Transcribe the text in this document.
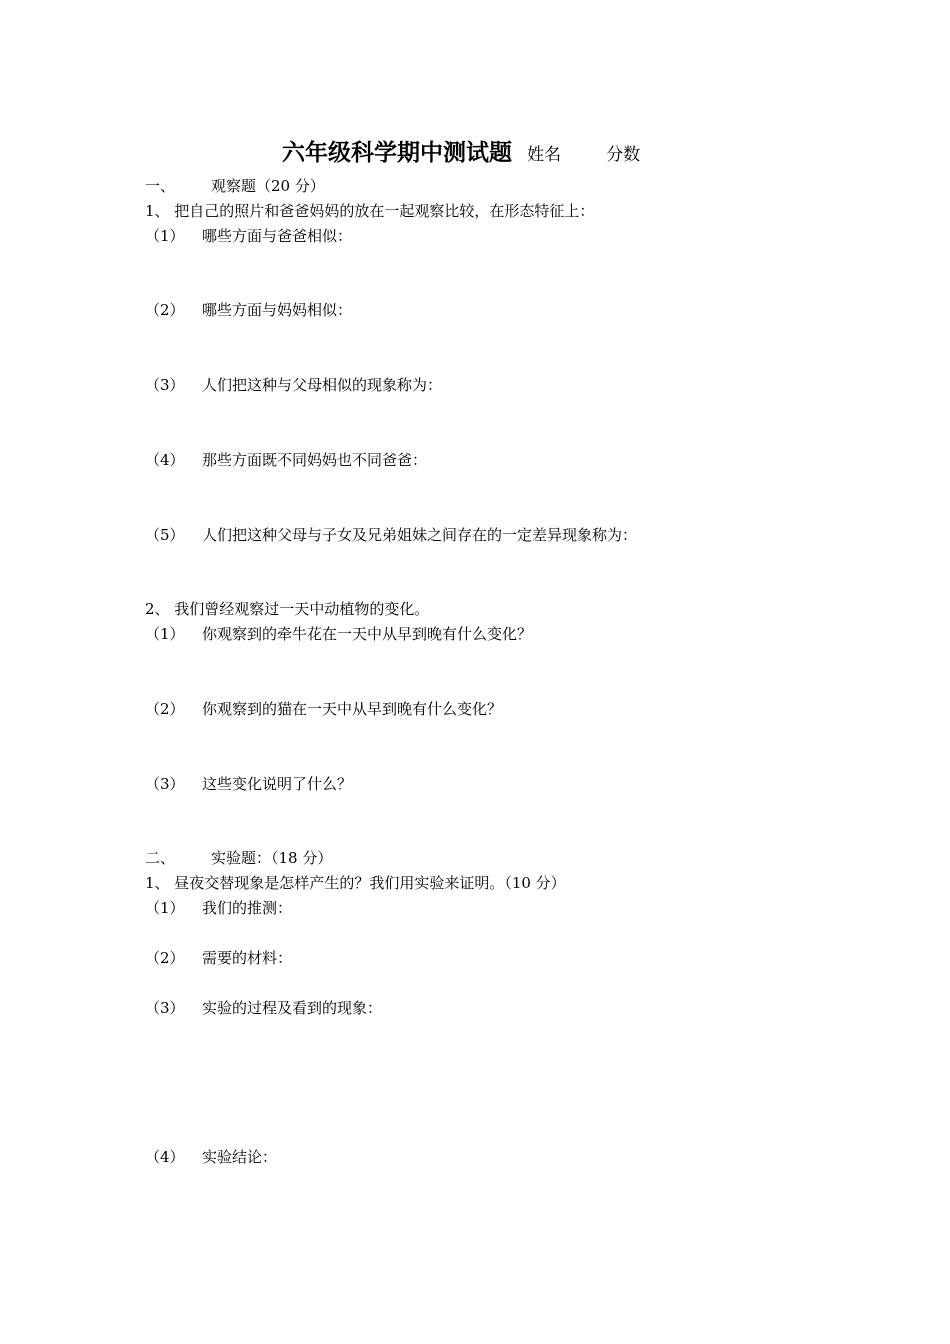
六年级科学期中测试题 姓名	分数
一、 观察题（20 分）
1、 把自己的照片和爸爸妈妈的放在一起观察比较，在形态特征上：
（1） 哪些方面与爸爸相似：
（2） 哪些方面与妈妈相似：
（3） 人们把这种与父母相似的现象称为：
（4） 那些方面既不同妈妈也不同爸爸：
（5） 人们把这种父母与子女及兄弟姐妹之间存在的一定差异现象称为：
2、 我们曾经观察过一天中动植物的变化。
（1） 你观察到的牵牛花在一天中从早到晚有什么变化？
（2） 你观察到的猫在一天中从早到晚有什么变化？
（3） 这些变化说明了什么？
二、 实验题：（18 分）
1、 昼夜交替现象是怎样产生的？我们用实验来证明。（10 分）
（1） 我们的推测：
（2） 需要的材料：
（3） 实验的过程及看到的现象：
（4） 实验结论：
